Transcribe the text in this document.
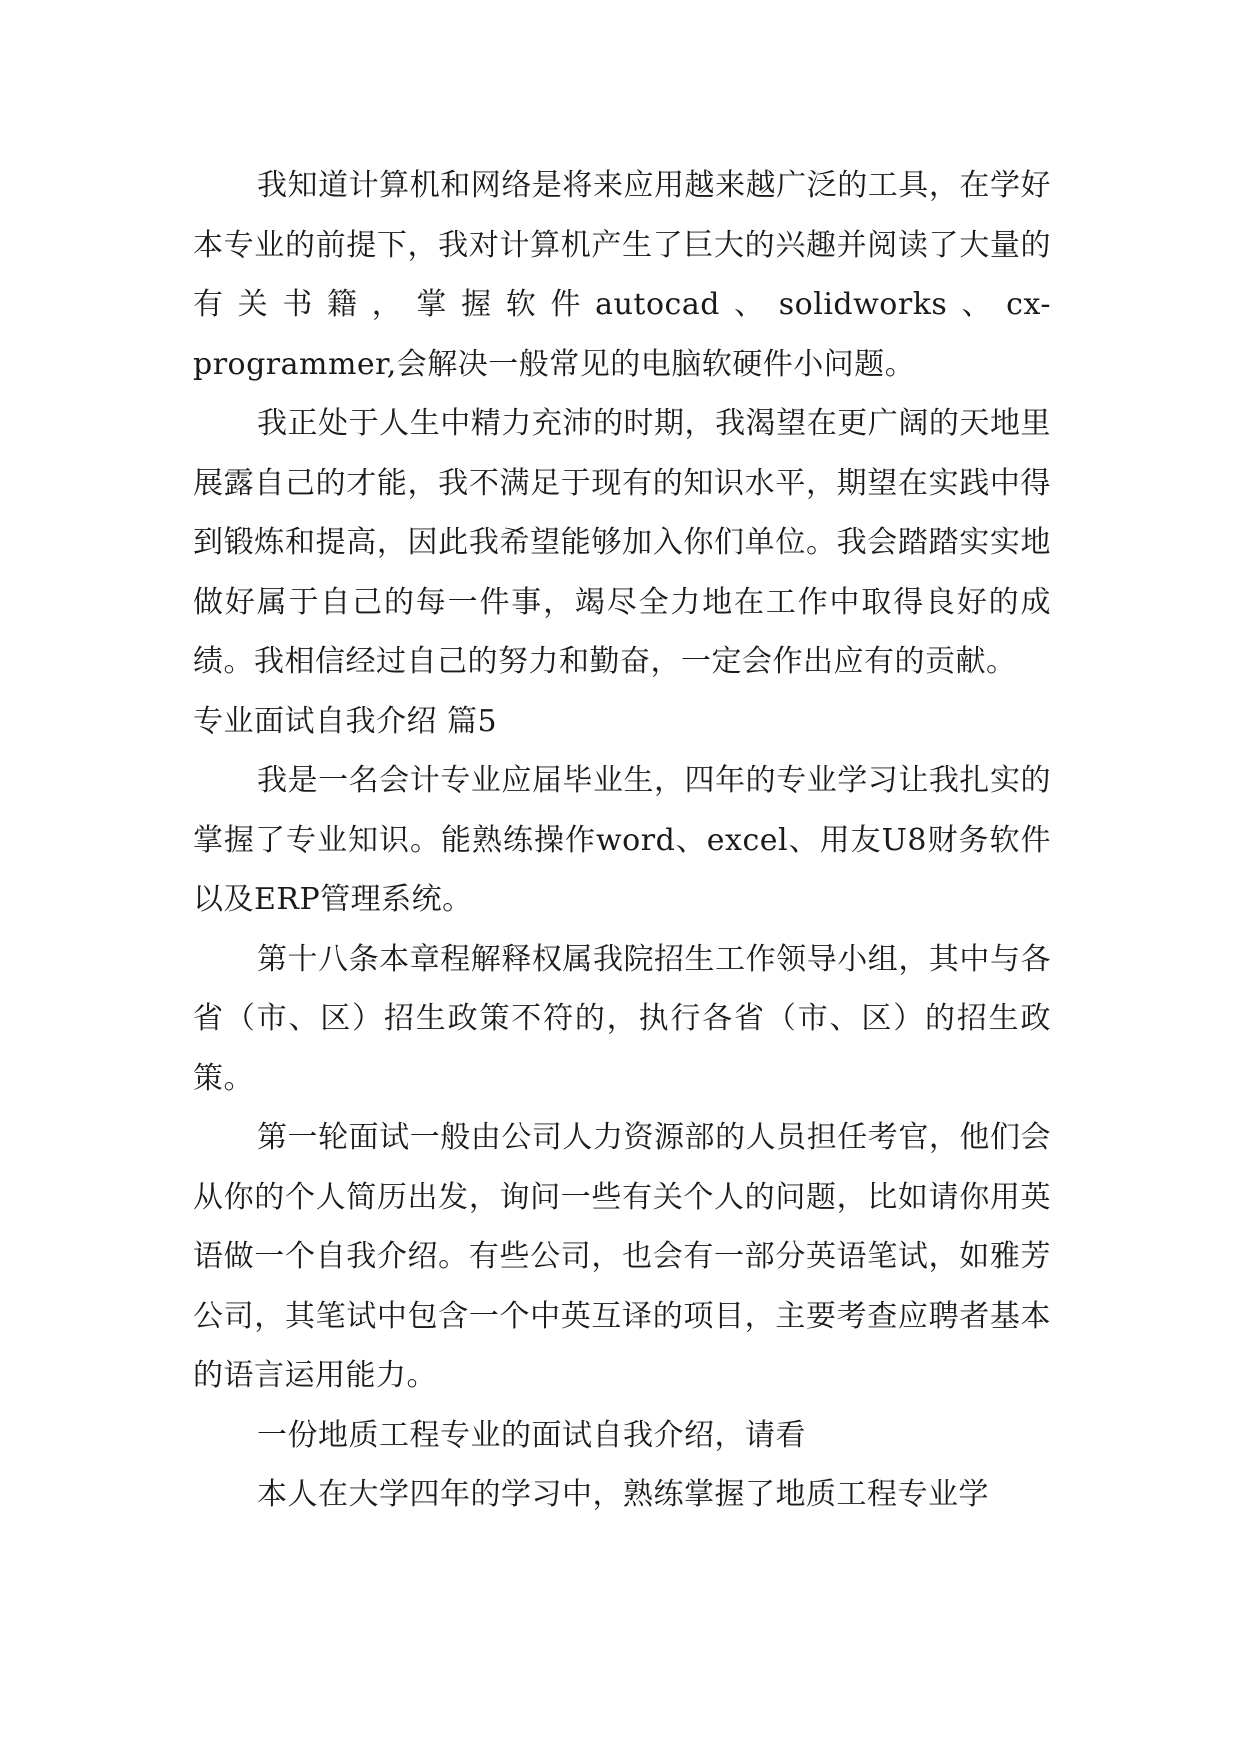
我知道计算机和网络是将来应用越来越广泛的工具，在学好本专业的前提下，我对计算机产生了巨大的兴趣并阅读了大量的有关书籍，掌握软件autocad、solidworks、cx-programmer,会解决一般常见的电脑软硬件小问题。

我正处于人生中精力充沛的时期，我渴望在更广阔的天地里展露自己的才能，我不满足于现有的知识水平，期望在实践中得到锻炼和提高，因此我希望能够加入你们单位。我会踏踏实实地做好属于自己的每一件事，竭尽全力地在工作中取得良好的成绩。我相信经过自己的努力和勤奋，一定会作出应有的贡献。

专业面试自我介绍 篇5

我是一名会计专业应届毕业生，四年的专业学习让我扎实的掌握了专业知识。能熟练操作word、excel、用友U8财务软件以及ERP管理系统。

第十八条本章程解释权属我院招生工作领导小组，其中与各省（市、区）招生政策不符的，执行各省（市、区）的招生政策。

第一轮面试一般由公司人力资源部的人员担任考官，他们会从你的个人简历出发，询问一些有关个人的问题，比如请你用英语做一个自我介绍。有些公司，也会有一部分英语笔试，如雅芳公司，其笔试中包含一个中英互译的项目，主要考查应聘者基本的语言运用能力。

一份地质工程专业的面试自我介绍，请看

本人在大学四年的学习中，熟练掌握了地质工程专业学
